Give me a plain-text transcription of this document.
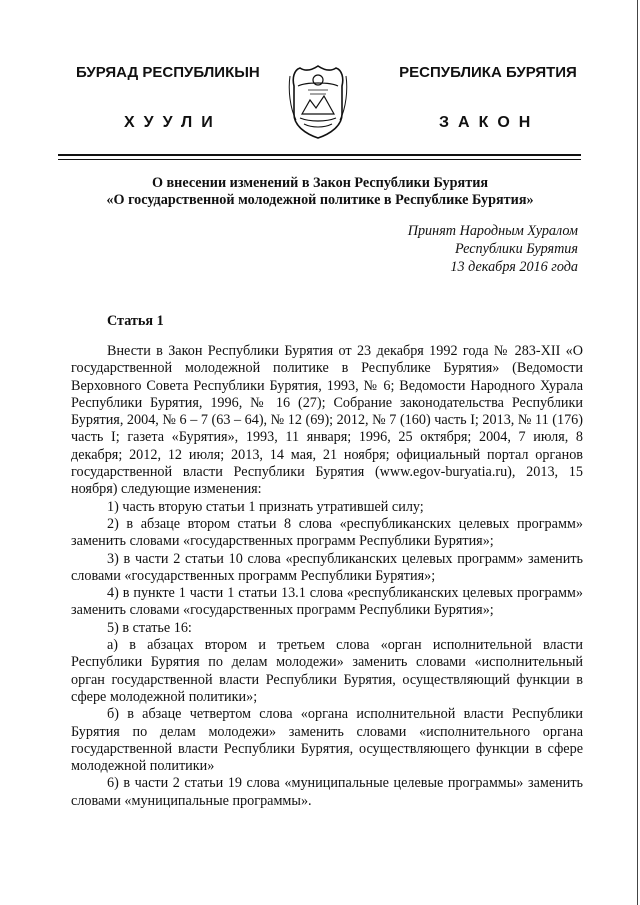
БУРЯАД РЕСПУБЛИКЫН	РЕСПУБЛИКА БУРЯТИЯ
ХУУЛИ	ЗАКОН
О внесении изменений в Закон Республики Бурятия
«О государственной молодежной политике в Республике Бурятия»
Принят Народным Хуралом
Республики Бурятия
13 декабря 2016 года
Статья 1

Внести в Закон Республики Бурятия от 23 декабря 1992 года № 283-XII «О государственной молодежной политике в Республике Бурятия» (Ведомости Верховного Совета Республики Бурятия, 1993, № 6; Ведомости Народного Хурала Республики Бурятия, 1996, № 16 (27); Собрание законодательства Республики Бурятия, 2004, № 6 – 7 (63 – 64), № 12 (69); 2012, № 7 (160) часть I; 2013, № 11 (176) часть I; газета «Бурятия», 1993, 11 января; 1996, 25 октября; 2004, 7 июля, 8 декабря; 2012, 12 июля; 2013, 14 мая, 21 ноября; официальный портал органов государственной власти Республики Бурятия (www.egov-buryatia.ru), 2013, 15 ноября) следующие изменения:

1) часть вторую статьи 1 признать утратившей силу;

2) в абзаце втором статьи 8 слова «республиканских целевых программ» заменить словами «государственных программ Республики Бурятия»;

3) в части 2 статьи 10 слова «республиканских целевых программ» заменить словами «государственных программ Республики Бурятия»;

4) в пункте 1 части 1 статьи 13.1 слова «республиканских целевых программ» заменить словами «государственных программ Республики Бурятия»;

5) в статье 16:

а) в абзацах втором и третьем слова «орган исполнительной власти Республики Бурятия по делам молодежи» заменить словами «исполнительный орган государственной власти Республики Бурятия, осуществляющий функции в сфере молодежной политики»;

б) в абзаце четвертом слова «органа исполнительной власти Республики Бурятия по делам молодежи» заменить словами «исполнительного органа государственной власти Республики Бурятия, осуществляющего функции в сфере молодежной политики»

6) в части 2 статьи 19 слова «муниципальные целевые программы» заменить словами «муниципальные программы».
